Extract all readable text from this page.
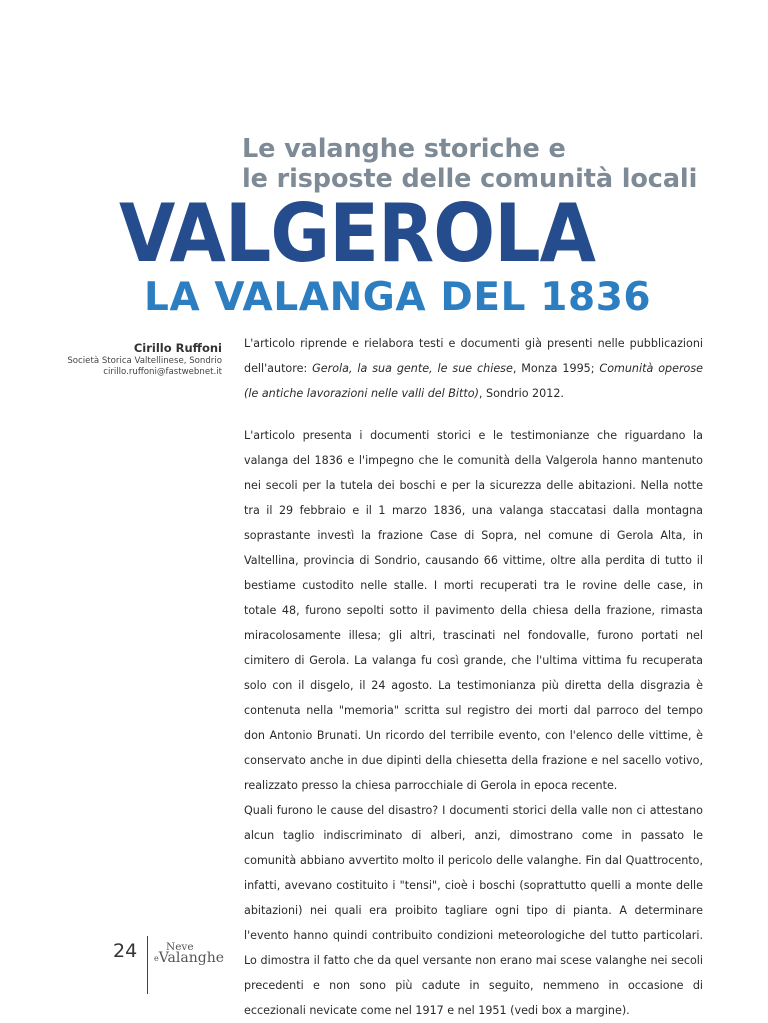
Le valanghe storiche e
le risposte delle comunità locali
VALGEROLA
LA VALANGA DEL 1836
Cirillo Ruffoni
Società Storica Valtellinese, Sondrio
cirillo.ruffoni@fastwebnet.it

L'articolo riprende e rielabora testi e documenti già presenti nelle pubblicazioni dell'autore: Gerola, la sua gente, le sue chiese, Monza 1995; Comunità operose (le antiche lavorazioni nelle valli del Bitto), Sondrio 2012.

L'articolo presenta i documenti storici e le testimonianze che riguardano la valanga del 1836 e l'impegno che le comunità della Valgerola hanno mantenuto nei secoli per la tutela dei boschi e per la sicurezza delle abitazioni. Nella notte tra il 29 febbraio e il 1 marzo 1836, una valanga staccatasi dalla montagna soprastante investì la frazione Case di Sopra, nel comune di Gerola Alta, in Valtellina, provincia di Sondrio, causando 66 vittime, oltre alla perdita di tutto il bestiame custodito nelle stalle. I morti recuperati tra le rovine delle case, in totale 48, furono sepolti sotto il pavimento della chiesa della frazione, rimasta miracolosamente illesa; gli altri, trascinati nel fondovalle, furono portati nel cimitero di Gerola. La valanga fu così grande, che l'ultima vittima fu recuperata solo con il disgelo, il 24 agosto. La testimonianza più diretta della disgrazia è contenuta nella "memoria" scritta sul registro dei morti dal parroco del tempo don Antonio Brunati. Un ricordo del terribile evento, con l'elenco delle vittime, è conservato anche in due dipinti della chiesetta della frazione e nel sacello votivo, realizzato presso la chiesa parrocchiale di Gerola in epoca recente.

Quali furono le cause del disastro? I documenti storici della valle non ci attestano alcun taglio indiscriminato di alberi, anzi, dimostrano come in passato le comunità abbiano avvertito molto il pericolo delle valanghe. Fin dal Quattrocento, infatti, avevano costituito i "tensi", cioè i boschi (soprattutto quelli a monte delle abitazioni) nei quali era proibito tagliare ogni tipo di pianta. A determinare l'evento hanno quindi contribuito condizioni meteorologiche del tutto particolari. Lo dimostra il fatto che da quel versante non erano mai scese valanghe nei secoli precedenti e non sono più cadute in seguito, nemmeno in occasione di eccezionali nevicate come nel 1917 e nel 1951 (vedi box a margine).

24	Neve
$^e$Valanghe
